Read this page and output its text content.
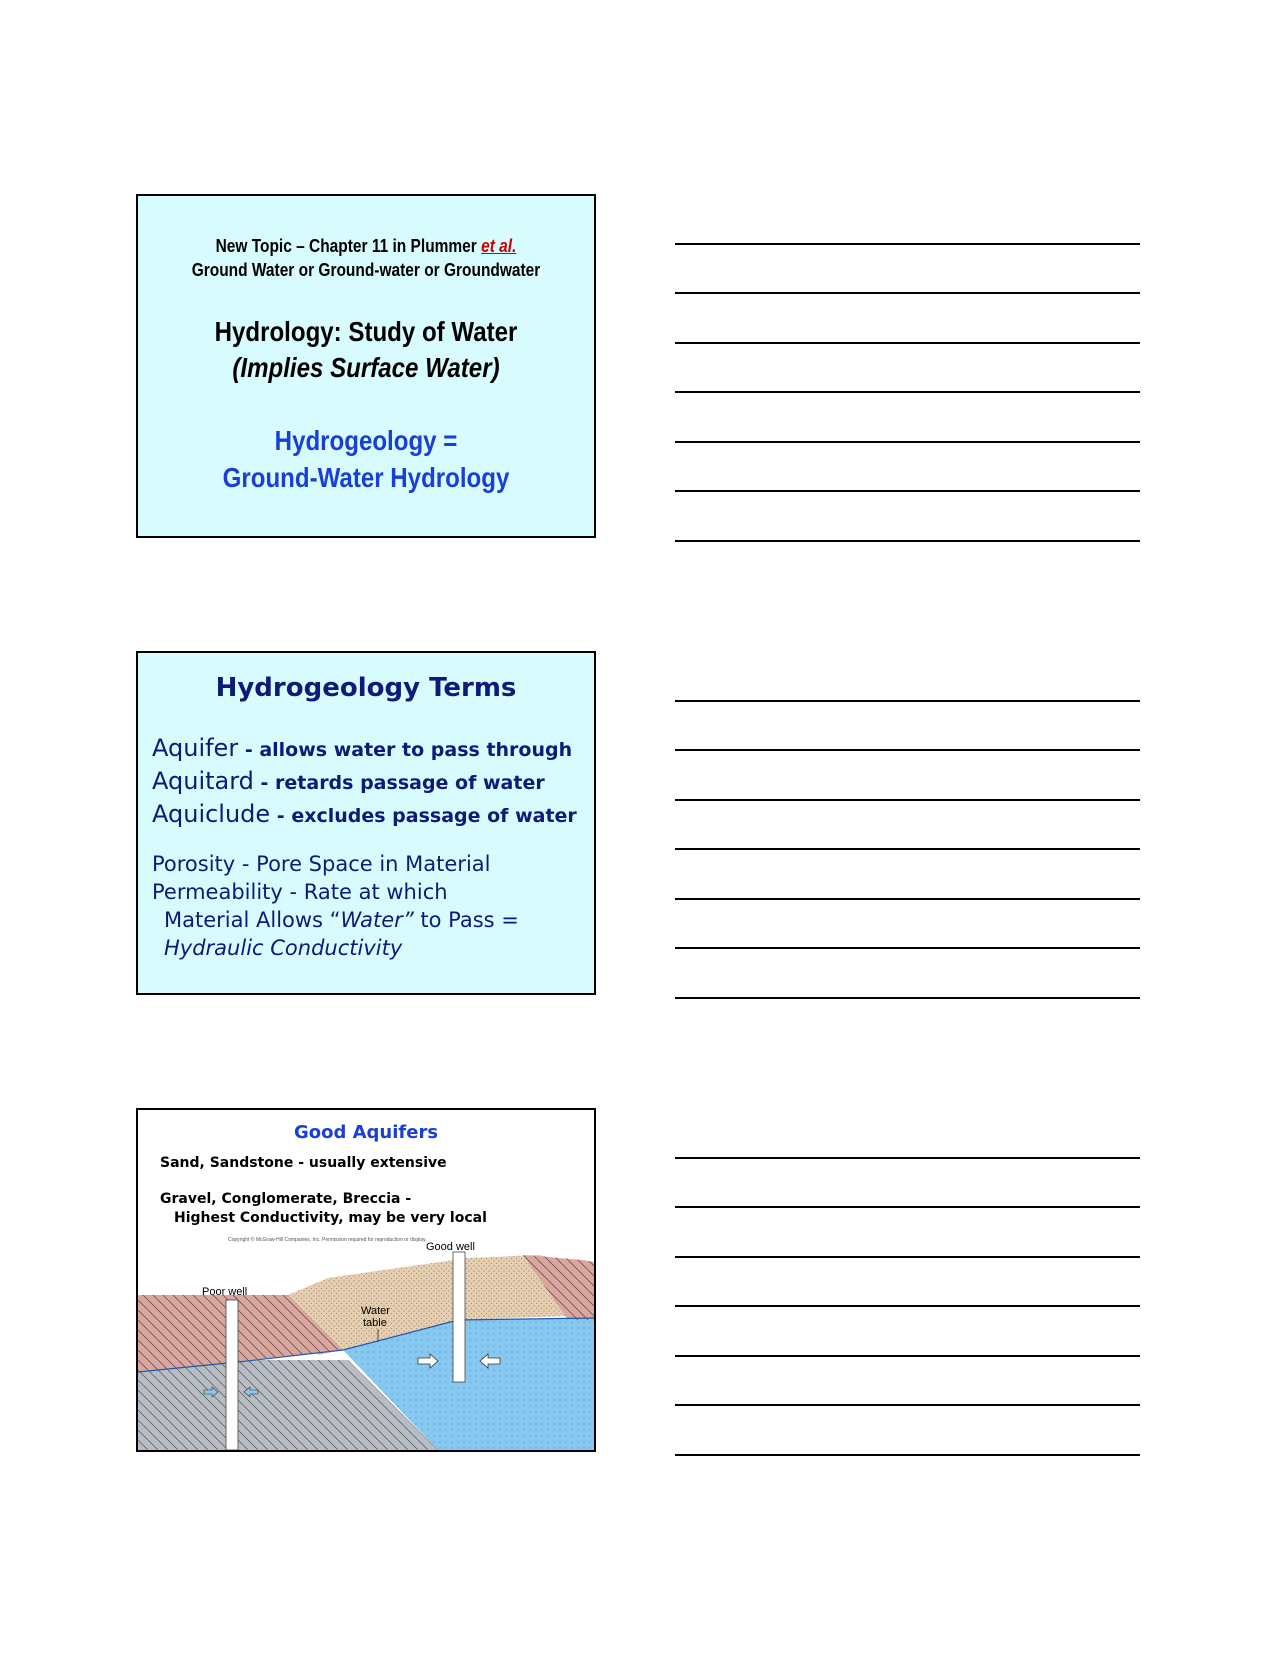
New Topic – Chapter 11 in Plummer et al.
Ground Water or Ground-water or Groundwater
Hydrology: Study of Water
(Implies Surface Water)
Hydrogeology =
Ground-Water Hydrology
Hydrogeology Terms
Aquifer - allows water to pass through
Aquitard - retards passage of water
Aquiclude - excludes passage of water
Porosity - Pore Space in Material
Permeability - Rate at which
Material Allows “Water” to Pass =
Hydraulic Conductivity
Poor well
Good well
Water
table
Good Aquifers
Sand, Sandstone - usually extensive
Gravel, Conglomerate, Breccia -
Highest Conductivity, may be very local
Copyright © McGraw-Hill Companies, Inc. Permission required for reproduction or display.
